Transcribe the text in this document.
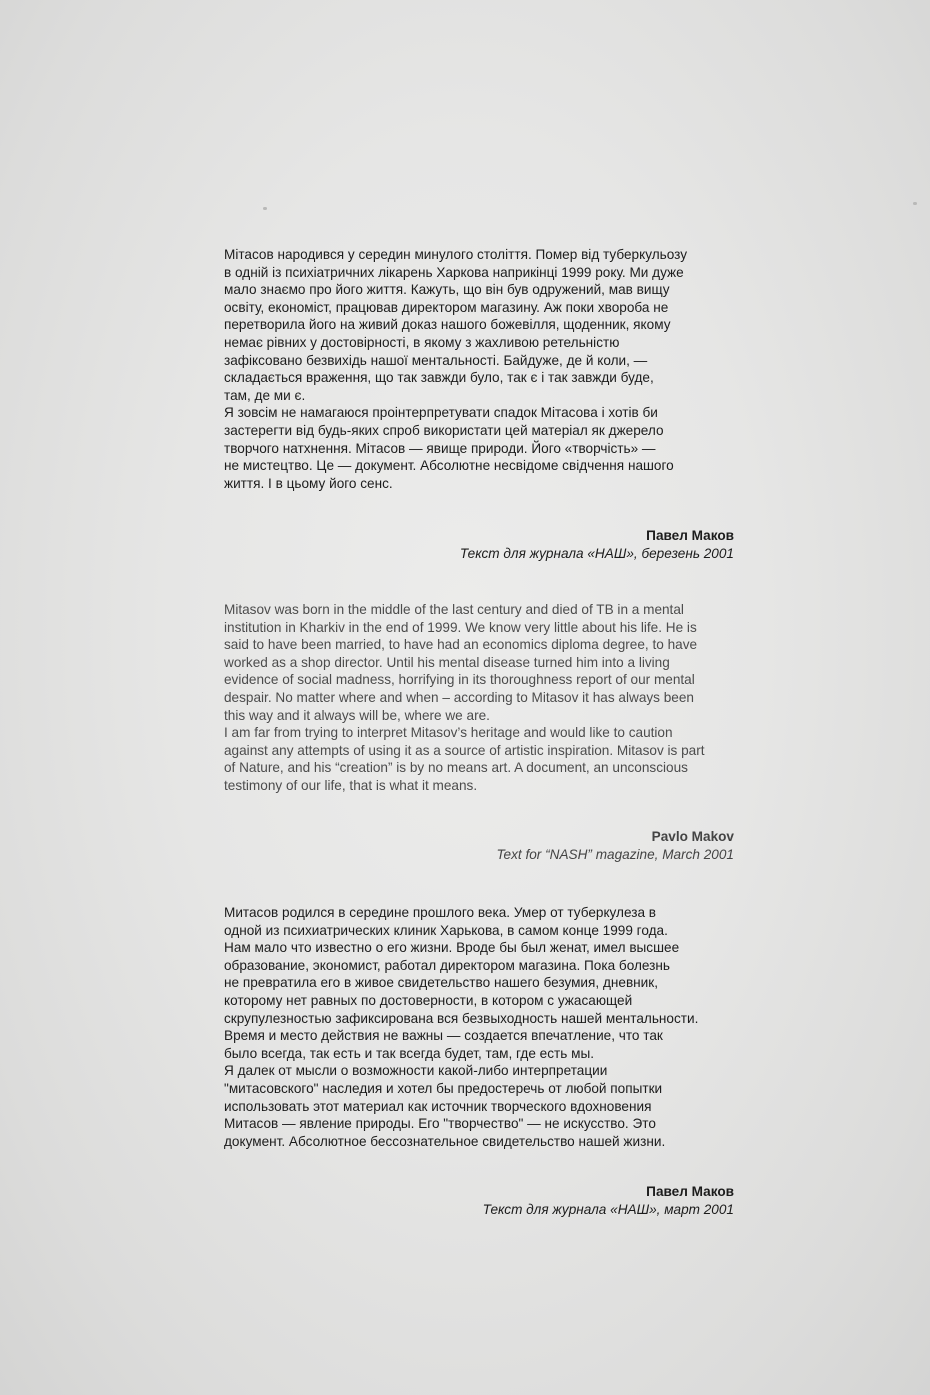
Мітасов народився у середин минулого століття. Помер від туберкульозу
в одній із психіатричних лікарень Харкова наприкінці 1999 року. Ми дуже
мало знаємо про його життя. Кажуть, що він був одружений, мав вищу
освіту, економіст, працював директором магазину. Аж поки хвороба не
перетворила його на живий доказ нашого божевілля, щоденник, якому
немає рівних у достовірності, в якому з жахливою ретельністю
зафіксовано безвихідь нашої ментальності. Байдуже, де й коли, —
складається враження, що так завжди було, так є і так завжди буде,
там, де ми є.

Я зовсім не намагаюся проінтерпретувати спадок Мітасова і хотів би
застерегти від будь-яких спроб використати цей матеріал як джерело
творчого натхнення. Мітасов — явище природи. Його «творчість» —
не мистецтво. Це — документ. Абсолютне несвідоме свідчення нашого
життя. І в цьому його сенс.

Павел Маков
Текст для журнала «НАШ», березень 2001

Mitasov was born in the middle of the last century and died of TB in a mental
institution in Kharkiv in the end of 1999. We know very little about his life. He is
said to have been married, to have had an economics diploma degree, to have
worked as a shop director. Until his mental disease turned him into a living
evidence of social madness, horrifying in its thoroughness report of our mental
despair. No matter where and when – according to Mitasov it has always been
this way and it always will be, where we are.

I am far from trying to interpret Mitasov’s heritage and would like to caution
against any attempts of using it as a source of artistic inspiration. Mitasov is part
of Nature, and his “creation” is by no means art. A document, an unconscious
testimony of our life, that is what it means.

Pavlo Makov
Text for “NASH” magazine, March 2001

Митасов родился в середине прошлого века. Умер от туберкулеза в
одной из психиатрических клиник Харькова, в самом конце 1999 года.
Нам мало что известно о его жизни. Вроде бы был женат, имел высшее
образование, экономист, работал директором магазина. Пока болезнь
не превратила его в живое свидетельство нашего безумия, дневник,
которому нет равных по достоверности, в котором с ужасающей
скрупулезностью зафиксирована вся безвыходность нашей ментальности.
Время и место действия не важны — создается впечатление, что так
было всегда, так есть и так всегда будет, там, где есть мы.

Я далек от мысли о возможности какой-либо интерпретации
"митасовского" наследия и хотел бы предостеречь от любой попытки
использовать этот материал как источник творческого вдохновения
Митасов — явление природы. Его "творчество" — не искусство. Это
документ. Абсолютное бессознательное свидетельство нашей жизни.

Павел Маков
Текст для журнала «НАШ», март 2001
